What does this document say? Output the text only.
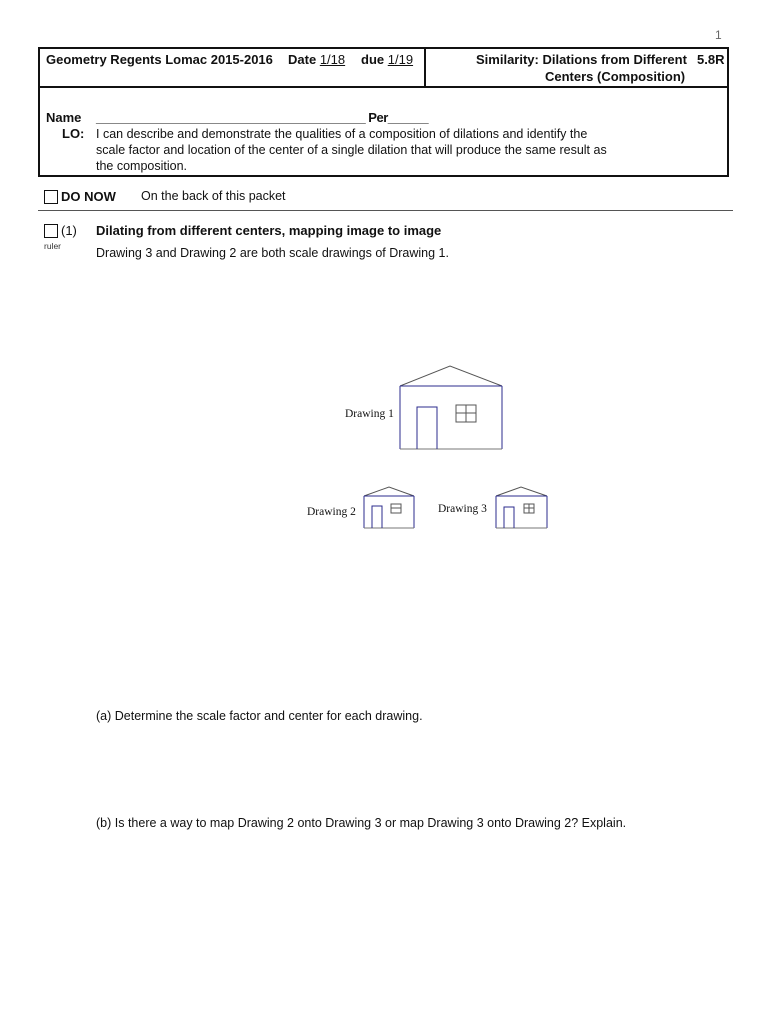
1
Geometry Regents Lomac 2015-2016 Date 1/18 due 1/19	Similarity: Dilations from Different
Centers (Composition)
5.8R
Name ________________________________________ Per______
LO: I can describe and demonstrate the qualities of a composition of dilations and identify the scale factor and location of the center of a single dilation that will produce the same result as the composition.
DO NOW On the back of this packet
(1)
ruler
Dilating from different centers, mapping image to image
Drawing 3 and Drawing 2 are both scale drawings of Drawing 1.
Drawing 1
Drawing 2	Drawing 3
(a) Determine the scale factor and center for each drawing.
(b) Is there a way to map Drawing 2 onto Drawing 3 or map Drawing 3 onto Drawing 2? Explain.
